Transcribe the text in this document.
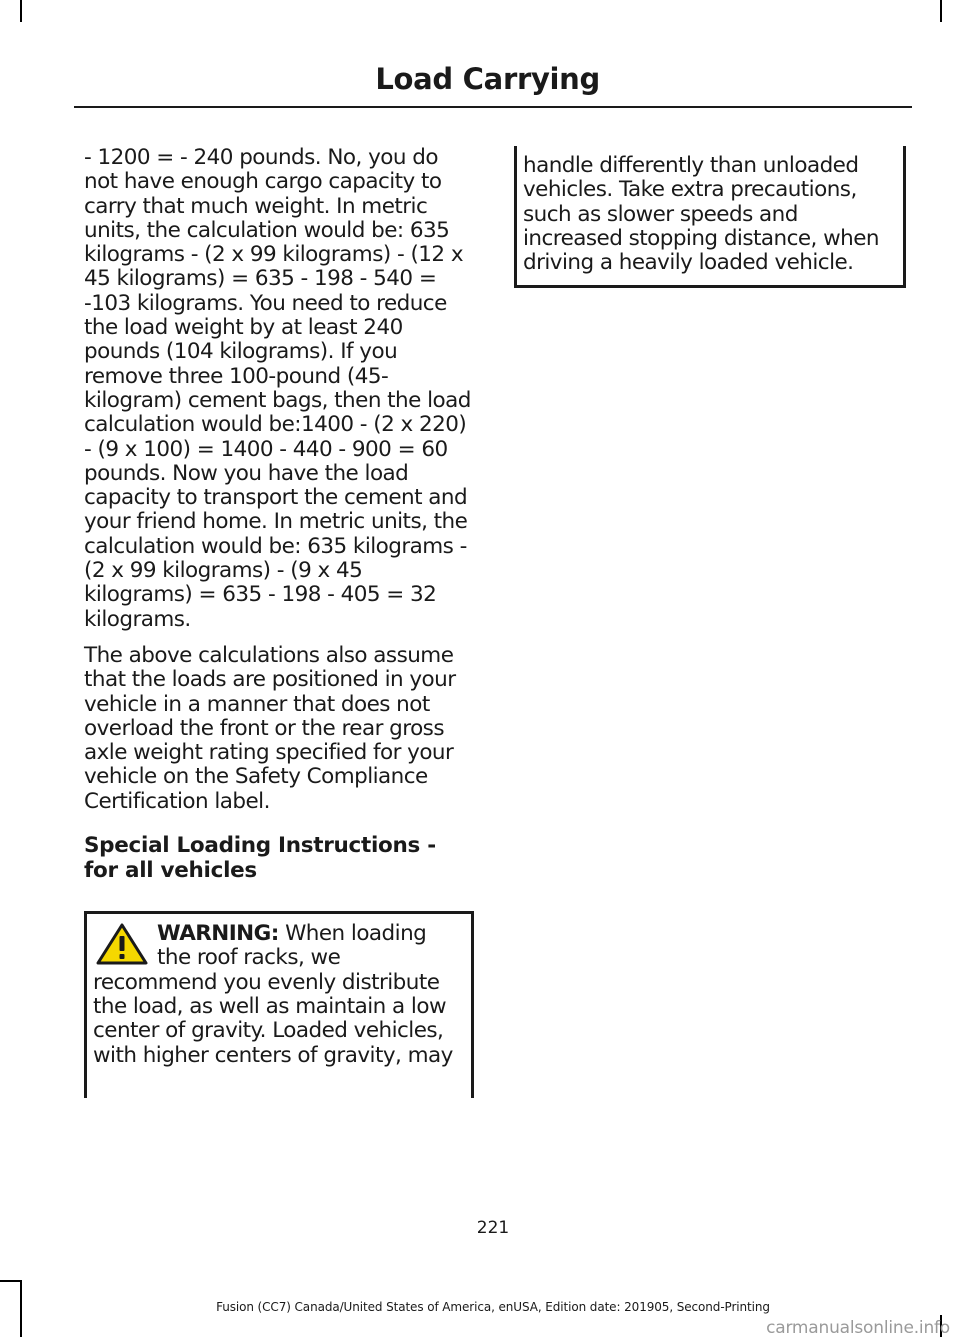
Load Carrying

- 1200 = - 240 pounds. No, you do not have enough cargo capacity to carry that much weight. In metric units, the calculation would be: 635 kilograms - (2 x 99 kilograms) - (12 x 45 kilograms) = 635 - 198 - 540 = -103 kilograms. You need to reduce the load weight by at least 240 pounds (104 kilograms). If you remove three 100-pound (45-kilogram) cement bags, then the load calculation would be:1400 - (2 x 220) - (9 x 100) = 1400 - 440 - 900 = 60 pounds. Now you have the load capacity to transport the cement and your friend home. In metric units, the calculation would be: 635 kilograms - (2 x 99 kilograms) - (9 x 45 kilograms) = 635 - 198 - 405 = 32 kilograms.

The above calculations also assume that the loads are positioned in your vehicle in a manner that does not overload the front or the rear gross axle weight rating specified for your vehicle on the Safety Compliance Certification label.

Special Loading Instructions - for all vehicles

WARNING: When loading the roof racks, we recommend you evenly distribute the load, as well as maintain a low center of gravity. Loaded vehicles, with higher centers of gravity, may

handle differently than unloaded vehicles. Take extra precautions, such as slower speeds and increased stopping distance, when driving a heavily loaded vehicle.

221
Fusion (CC7) Canada/United States of America, enUSA, Edition date: 201905, Second-Printing
carmanualsonline.info
